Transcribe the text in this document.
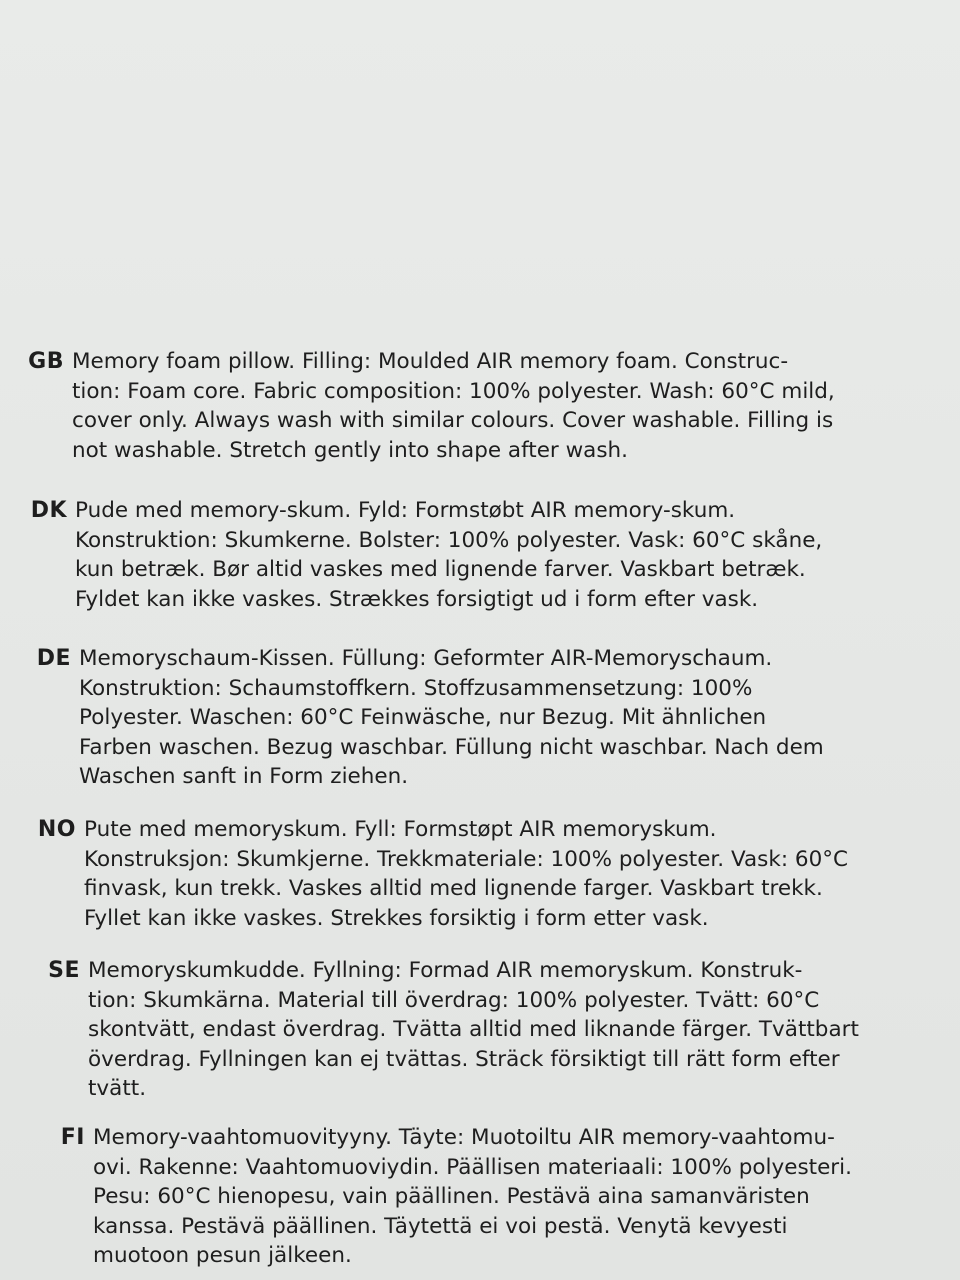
GB Memory foam pillow. Filling: Moulded AIR memory foam. Construc-
tion: Foam core. Fabric composition: 100% polyester. Wash: 60°C mild,
cover only. Always wash with similar colours. Cover washable. Filling is
not washable. Stretch gently into shape after wash.
DK Pude med memory-skum. Fyld: Formstøbt AIR memory-skum.
Konstruktion: Skumkerne. Bolster: 100% polyester. Vask: 60°C skåne,
kun betræk. Bør altid vaskes med lignende farver. Vaskbart betræk.
Fyldet kan ikke vaskes. Strækkes forsigtigt ud i form efter vask.
DE Memoryschaum-Kissen. Füllung: Geformter AIR-Memoryschaum.
Konstruktion: Schaumstoffkern. Stoffzusammensetzung: 100%
Polyester. Waschen: 60°C Feinwäsche, nur Bezug. Mit ähnlichen
Farben waschen. Bezug waschbar. Füllung nicht waschbar. Nach dem
Waschen sanft in Form ziehen.
NO Pute med memoryskum. Fyll: Formstøpt AIR memoryskum.
Konstruksjon: Skumkjerne. Trekkmateriale: 100% polyester. Vask: 60°C
finvask, kun trekk. Vaskes alltid med lignende farger. Vaskbart trekk.
Fyllet kan ikke vaskes. Strekkes forsiktig i form etter vask.
SE Memoryskumkudde. Fyllning: Formad AIR memoryskum. Konstruk-
tion: Skumkärna. Material till överdrag: 100% polyester. Tvätt: 60°C
skontvätt, endast överdrag. Tvätta alltid med liknande färger. Tvättbart
överdrag. Fyllningen kan ej tvättas. Sträck försiktigt till rätt form efter
tvätt.
FI Memory-vaahtomuovityyny. Täyte: Muotoiltu AIR memory-vaahtomu-
ovi. Rakenne: Vaahtomuoviydin. Päällisen materiaali: 100% polyesteri.
Pesu: 60°C hienopesu, vain päällinen. Pestävä aina samanväristen
kanssa. Pestävä päällinen. Täytettä ei voi pestä. Venytä kevyesti
muotoon pesun jälkeen.
